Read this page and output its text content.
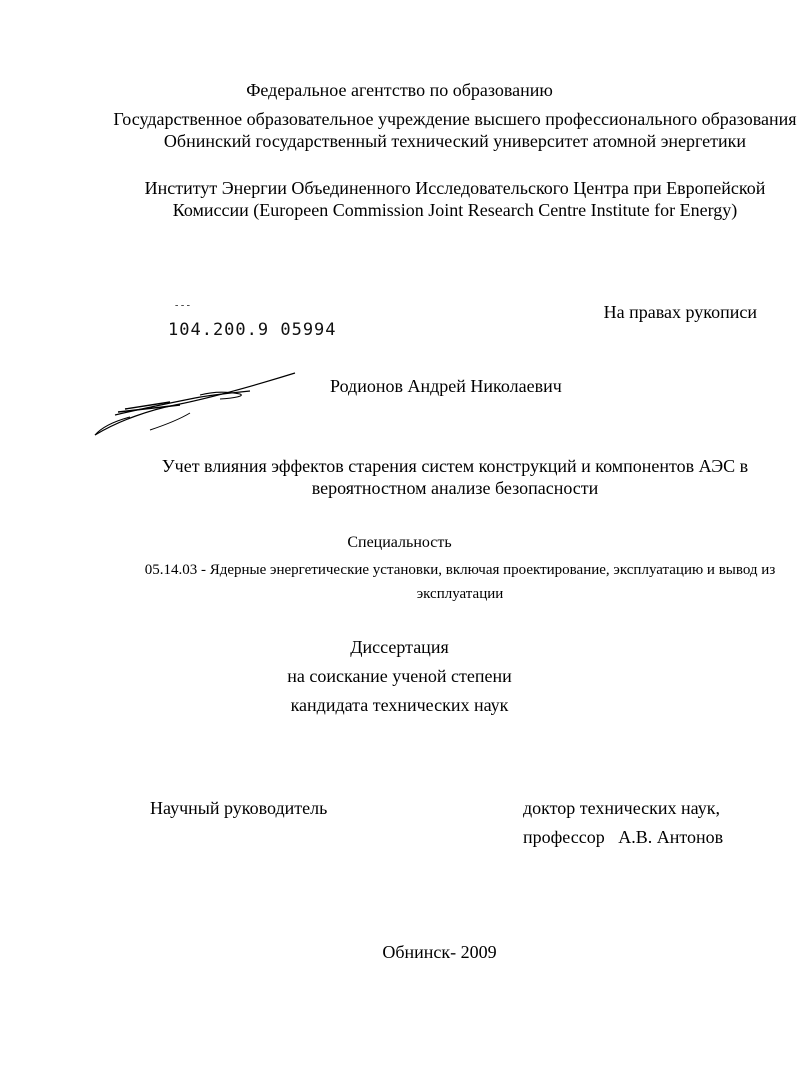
Федеральное агентство по образованию
Государственное образовательное учреждение высшего профессионального образования Обнинский государственный технический университет атомной энергетики
Институт Энергии Объединенного Исследовательского Центра при Европейской Комиссии (Europeen Commission Joint Research Centre Institute for Energy)
На правах рукописи
- - -
104.200.9 05994
Родионов Андрей Николаевич
Учет влияния эффектов старения систем конструкций и компонентов АЭС в вероятностном анализе безопасности
Специальность
05.14.03 - Ядерные энергетические установки, включая проектирование, эксплуатацию и вывод из эксплуатации
Диссертация
на соискание ученой степени
кандидата технических наук
Научный руководитель	доктор технических наук,
профессор   А.В. Антонов
Обнинск- 2009
